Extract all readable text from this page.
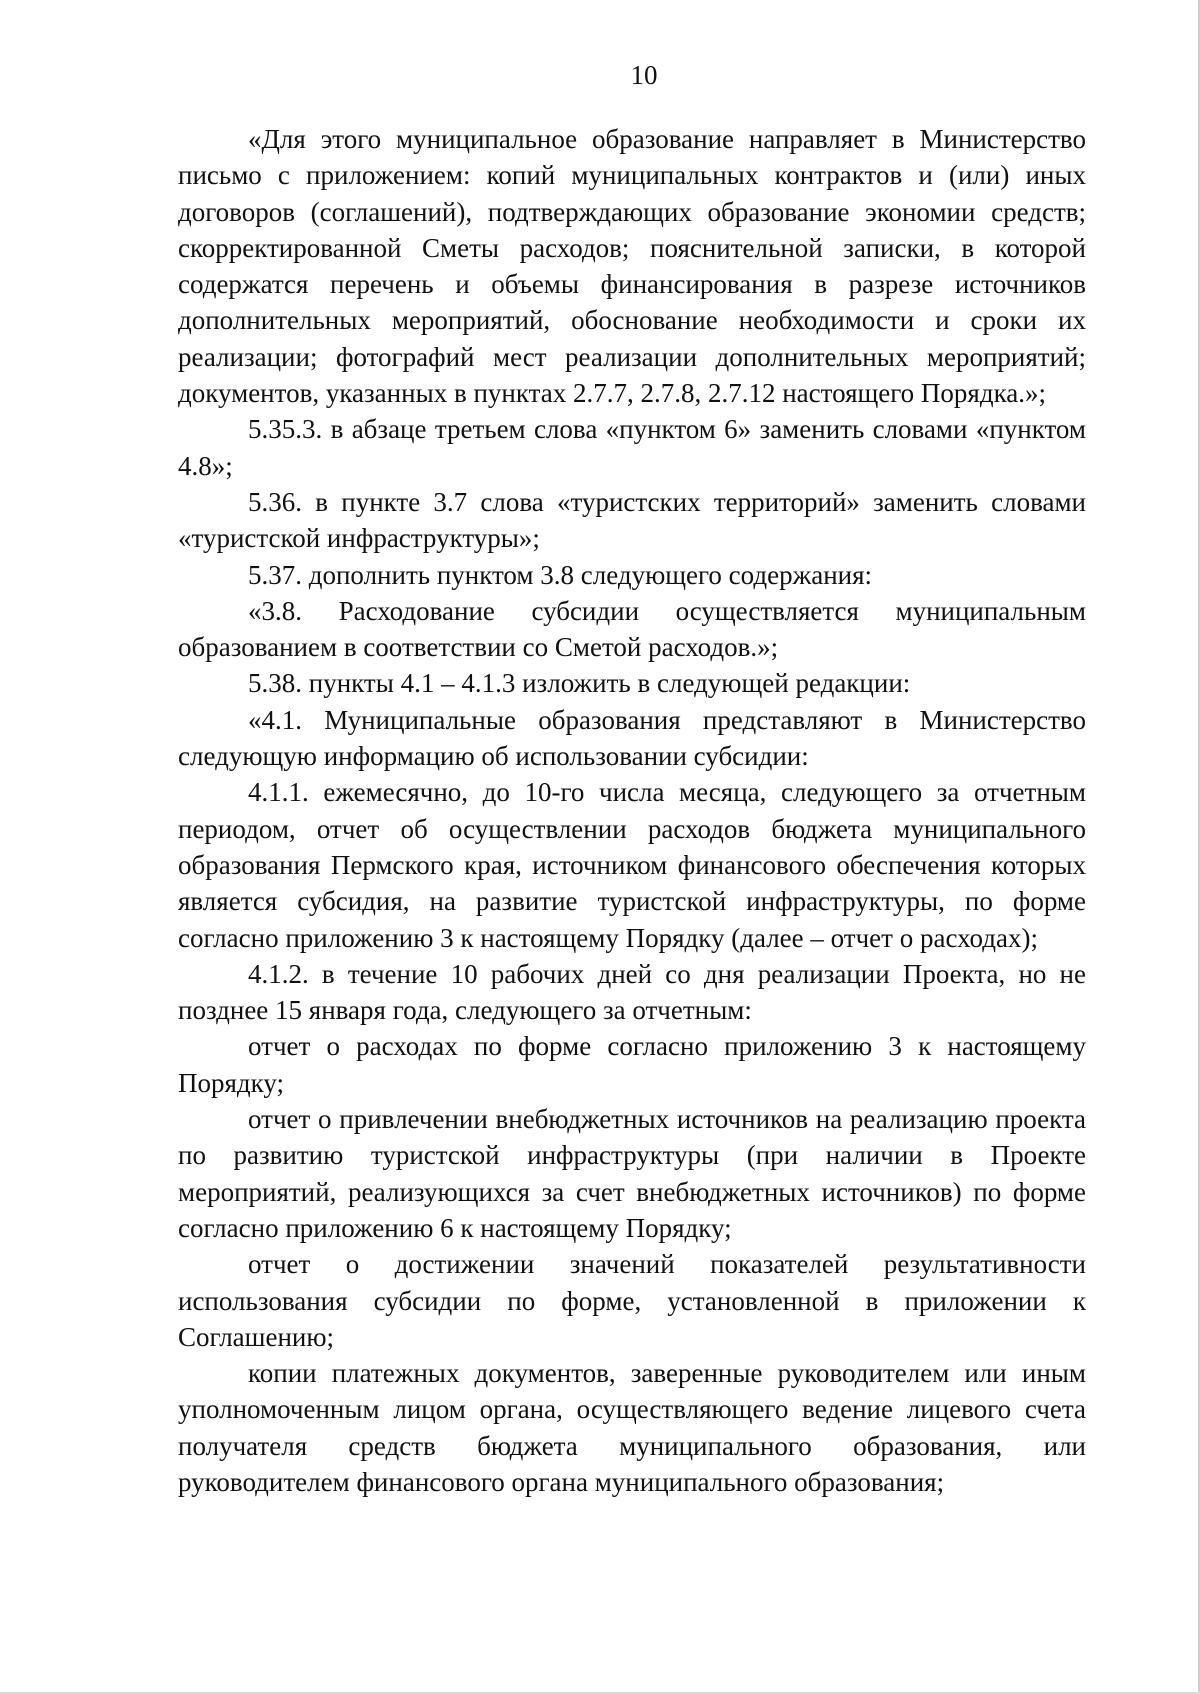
10

«Для этого муниципальное образование направляет в Министерство письмо с приложением: копий муниципальных контрактов и (или) иных договоров (соглашений), подтверждающих образование экономии средств; скорректированной Сметы расходов; пояснительной записки, в которой содержатся перечень и объемы финансирования в разрезе источников дополнительных мероприятий, обоснование необходимости и сроки их реализации; фотографий мест реализации дополнительных мероприятий; документов, указанных в пунктах 2.7.7, 2.7.8, 2.7.12 настоящего Порядка.»;

5.35.3. в абзаце третьем слова «пунктом 6» заменить словами «пунктом 4.8»;

5.36. в пункте 3.7 слова «туристских территорий» заменить словами «туристской инфраструктуры»;

5.37. дополнить пунктом 3.8 следующего содержания:

«3.8. Расходование субсидии осуществляется муниципальным образованием в соответствии со Сметой расходов.»;

5.38. пункты 4.1 – 4.1.3 изложить в следующей редакции:

«4.1. Муниципальные образования представляют в Министерство следующую информацию об использовании субсидии:

4.1.1. ежемесячно, до 10-го числа месяца, следующего за отчетным периодом, отчет об осуществлении расходов бюджета муниципального образования Пермского края, источником финансового обеспечения которых является субсидия, на развитие туристской инфраструктуры, по форме согласно приложению 3 к настоящему Порядку (далее – отчет о расходах);

4.1.2. в течение 10 рабочих дней со дня реализации Проекта, но не позднее 15 января года, следующего за отчетным:

отчет о расходах по форме согласно приложению 3 к настоящему Порядку;

отчет о привлечении внебюджетных источников на реализацию проекта по развитию туристской инфраструктуры (при наличии в Проекте мероприятий, реализующихся за счет внебюджетных источников) по форме согласно приложению 6 к настоящему Порядку;

отчет о достижении значений показателей результативности использования субсидии по форме, установленной в приложении к Соглашению;

копии платежных документов, заверенные руководителем или иным уполномоченным лицом органа, осуществляющего ведение лицевого счета получателя средств бюджета муниципального образования, или руководителем финансового органа муниципального образования;
